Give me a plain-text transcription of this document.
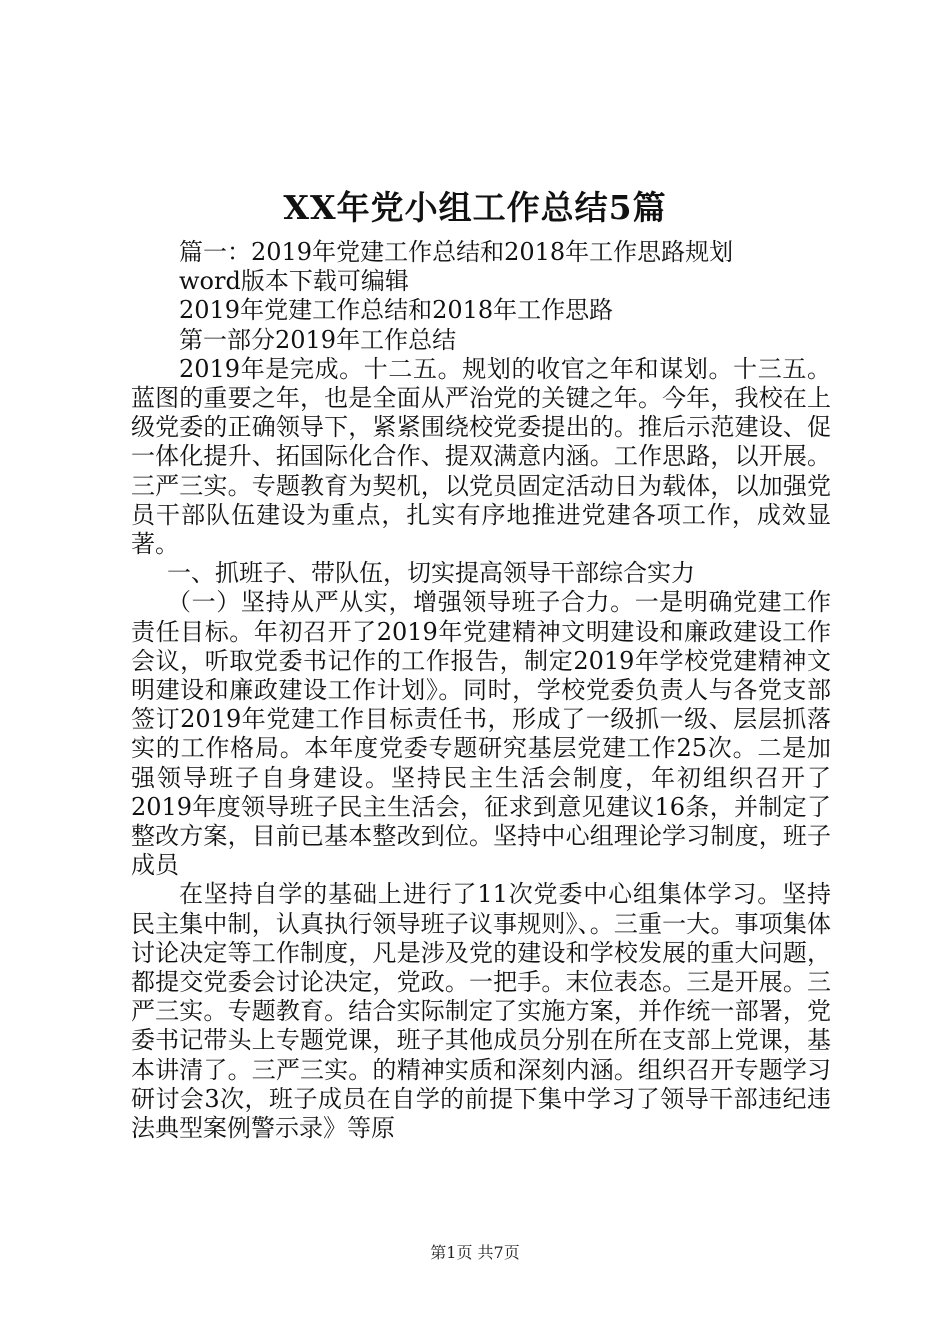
XX年党小组工作总结5篇

篇一：2019年党建工作总结和2018年工作思路规划

word版本下载可编辑

2019年党建工作总结和2018年工作思路

第一部分2019年工作总结

2019年是完成。十二五。规划的收官之年和谋划。十三五。蓝图的重要之年，也是全面从严治党的关键之年。今年，我校在上级党委的正确领导下，紧紧围绕校党委提出的。推后示范建设、促一体化提升、拓国际化合作、提双满意内涵。工作思路，以开展。三严三实。专题教育为契机，以党员固定活动日为载体，以加强党员干部队伍建设为重点，扎实有序地推进党建各项工作，成效显著。

一、抓班子、带队伍，切实提高领导干部综合实力

（一）坚持从严从实，增强领导班子合力。一是明确党建工作责任目标。年初召开了2019年党建精神文明建设和廉政建设工作会议，听取党委书记作的工作报告，制定2019年学校党建精神文明建设和廉政建设工作计划》。同时，学校党委负责人与各党支部签订2019年党建工作目标责任书，形成了一级抓一级、层层抓落实的工作格局。本年度党委专题研究基层党建工作25次。二是加强领导班子自身建设。坚持民主生活会制度，年初组织召开了2019年度领导班子民主生活会，征求到意见建议16条，并制定了整改方案，目前已基本整改到位。坚持中心组理论学习制度，班子成员

在坚持自学的基础上进行了11次党委中心组集体学习。坚持民主集中制，认真执行领导班子议事规则》、。三重一大。事项集体讨论决定等工作制度，凡是涉及党的建设和学校发展的重大问题，都提交党委会讨论决定，党政。一把手。末位表态。三是开展。三严三实。专题教育。结合实际制定了实施方案，并作统一部署，党委书记带头上专题党课，班子其他成员分别在所在支部上党课，基本讲清了。三严三实。的精神实质和深刻内涵。组织召开专题学习研讨会3次，班子成员在自学的前提下集中学习了领导干部违纪违法典型案例警示录》等原

第1页 共7页
